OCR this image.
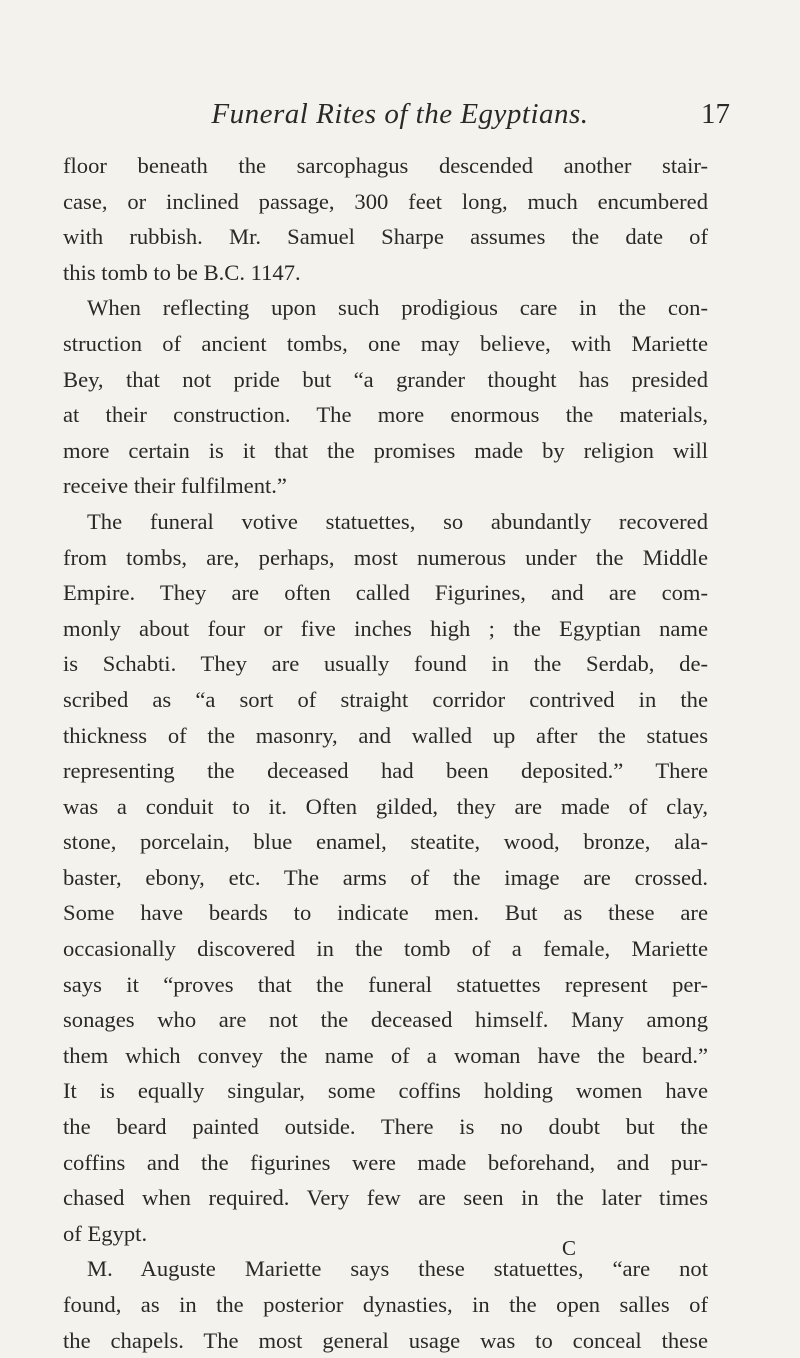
Funeral Rites of the Egyptians.	17
floor beneath the sarcophagus descended another stair-
case, or inclined passage, 300 feet long, much encumbered
with rubbish. Mr. Samuel Sharpe assumes the date of
this tomb to be B.C. 1147.
When reflecting upon such prodigious care in the con-
struction of ancient tombs, one may believe, with Mariette
Bey, that not pride but “a grander thought has presided
at their construction. The more enormous the materials,
more certain is it that the promises made by religion will
receive their fulfilment.”
The funeral votive statuettes, so abundantly recovered
from tombs, are, perhaps, most numerous under the Middle
Empire. They are often called Figurines, and are com-
monly about four or five inches high ; the Egyptian name
is Schabti. They are usually found in the Serdab, de-
scribed as “a sort of straight corridor contrived in the
thickness of the masonry, and walled up after the statues
representing the deceased had been deposited.” There
was a conduit to it. Often gilded, they are made of clay,
stone, porcelain, blue enamel, steatite, wood, bronze, ala-
baster, ebony, etc. The arms of the image are crossed.
Some have beards to indicate men. But as these are
occasionally discovered in the tomb of a female, Mariette
says it “proves that the funeral statuettes represent per-
sonages who are not the deceased himself. Many among
them which convey the name of a woman have the beard.”
It is equally singular, some coffins holding women have
the beard painted outside. There is no doubt but the
coffins and the figurines were made beforehand, and pur-
chased when required. Very few are seen in the later times
of Egypt.
M. Auguste Mariette says these statuettes, “are not
found, as in the posterior dynasties, in the open salles of
the chapels. The most general usage was to conceal these
C
